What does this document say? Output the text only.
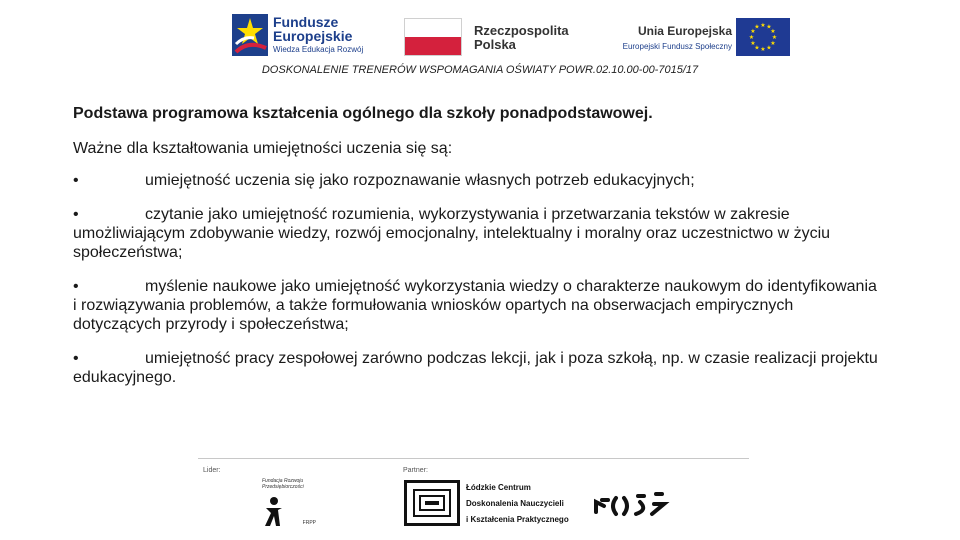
Fundusze
Europejskie
Wiedza Edukacja Rozwój
Rzeczpospolita
Polska
Unia Europejska
Europejski Fundusz Społeczny
★ ★
★
★
★
★
★
★
★
★
★
★
DOSKONALENIE TRENERÓW WSPOMAGANIA OŚWIATY POWR.02.10.00-00-7015/17

Podstawa programowa kształcenia ogólnego dla szkoły ponadpodstawowej.

Ważne dla kształtowania umiejętności uczenia się są:

•	umiejętność uczenia się jako rozpoznawanie własnych potrzeb edukacyjnych;

•	czytanie jako umiejętność rozumienia, wykorzystywania i przetwarzania tekstów w zakresie umożliwiającym zdobywanie wiedzy, rozwój emocjonalny, intelektualny i moralny oraz uczestnictwo w życiu społeczeństwa;

•	myślenie naukowe jako umiejętność wykorzystania wiedzy o charakterze naukowym do identyfikowania i rozwiązywania problemów, a także formułowania wniosków opartych na obserwacjach empirycznych dotyczących przyrody i społeczeństwa;

•	umiejętność pracy zespołowej zarówno podczas lekcji, jak i poza szkołą, np. w czasie realizacji projektu edukacyjnego.

Lider:	Partner:
Fundacja Rozwoju
Przedsiębiorczości
FRPP
Łódzkie Centrum
Doskonalenia Nauczycieli
i Kształcenia Praktycznego
